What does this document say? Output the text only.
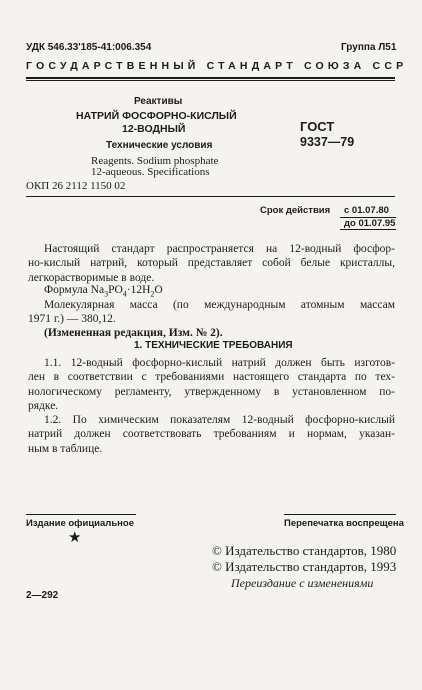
УДК 546.33'185-41:006.354	Группа Л51
ГОСУДАРСТВЕННЫЙ СТАНДАРТ СОЮЗА ССР
Реактивы
НАТРИЙ ФОСФОРНО-КИСЛЫЙ
12-ВОДНЫЙ
Технические условия
Reagents. Sodium phosphate
12-aqueous. Specifications
ОКП 26 2112 1150 02
ГОСТ
9337—79
Срок действия с 01.07.80
до 01.07.95
Настоящий стандарт распространяется на 12-водный фосфор-
но-кислый натрий, который представляет собой белые кристаллы,
легкорастворимые в воде.
Формула $Na_3PO_4\cdot 12H_2O$
Молекулярная масса (по международным атомным массам
1971 г.) — 380,12.
(Измененная редакция, Изм. № 2).
1. ТЕХНИЧЕСКИЕ ТРЕБОВАНИЯ
1.1. 12-водный фосфорно-кислый натрий должен быть изготов-
лен в соответствии с требованиями настоящего стандарта по тех-
нологическому регламенту, утвержденному в установленном по-
рядке.
1.2. По химическим показателям 12-водный фосфорно-кислый
натрий должен соответствовать требованиям и нормам, указан-
ным в таблице.
Издание официальное	Перепечатка воспрещена
★
© Издательство стандартов, 1980
© Издательство стандартов, 1993
Переиздание с изменениями
2—292
